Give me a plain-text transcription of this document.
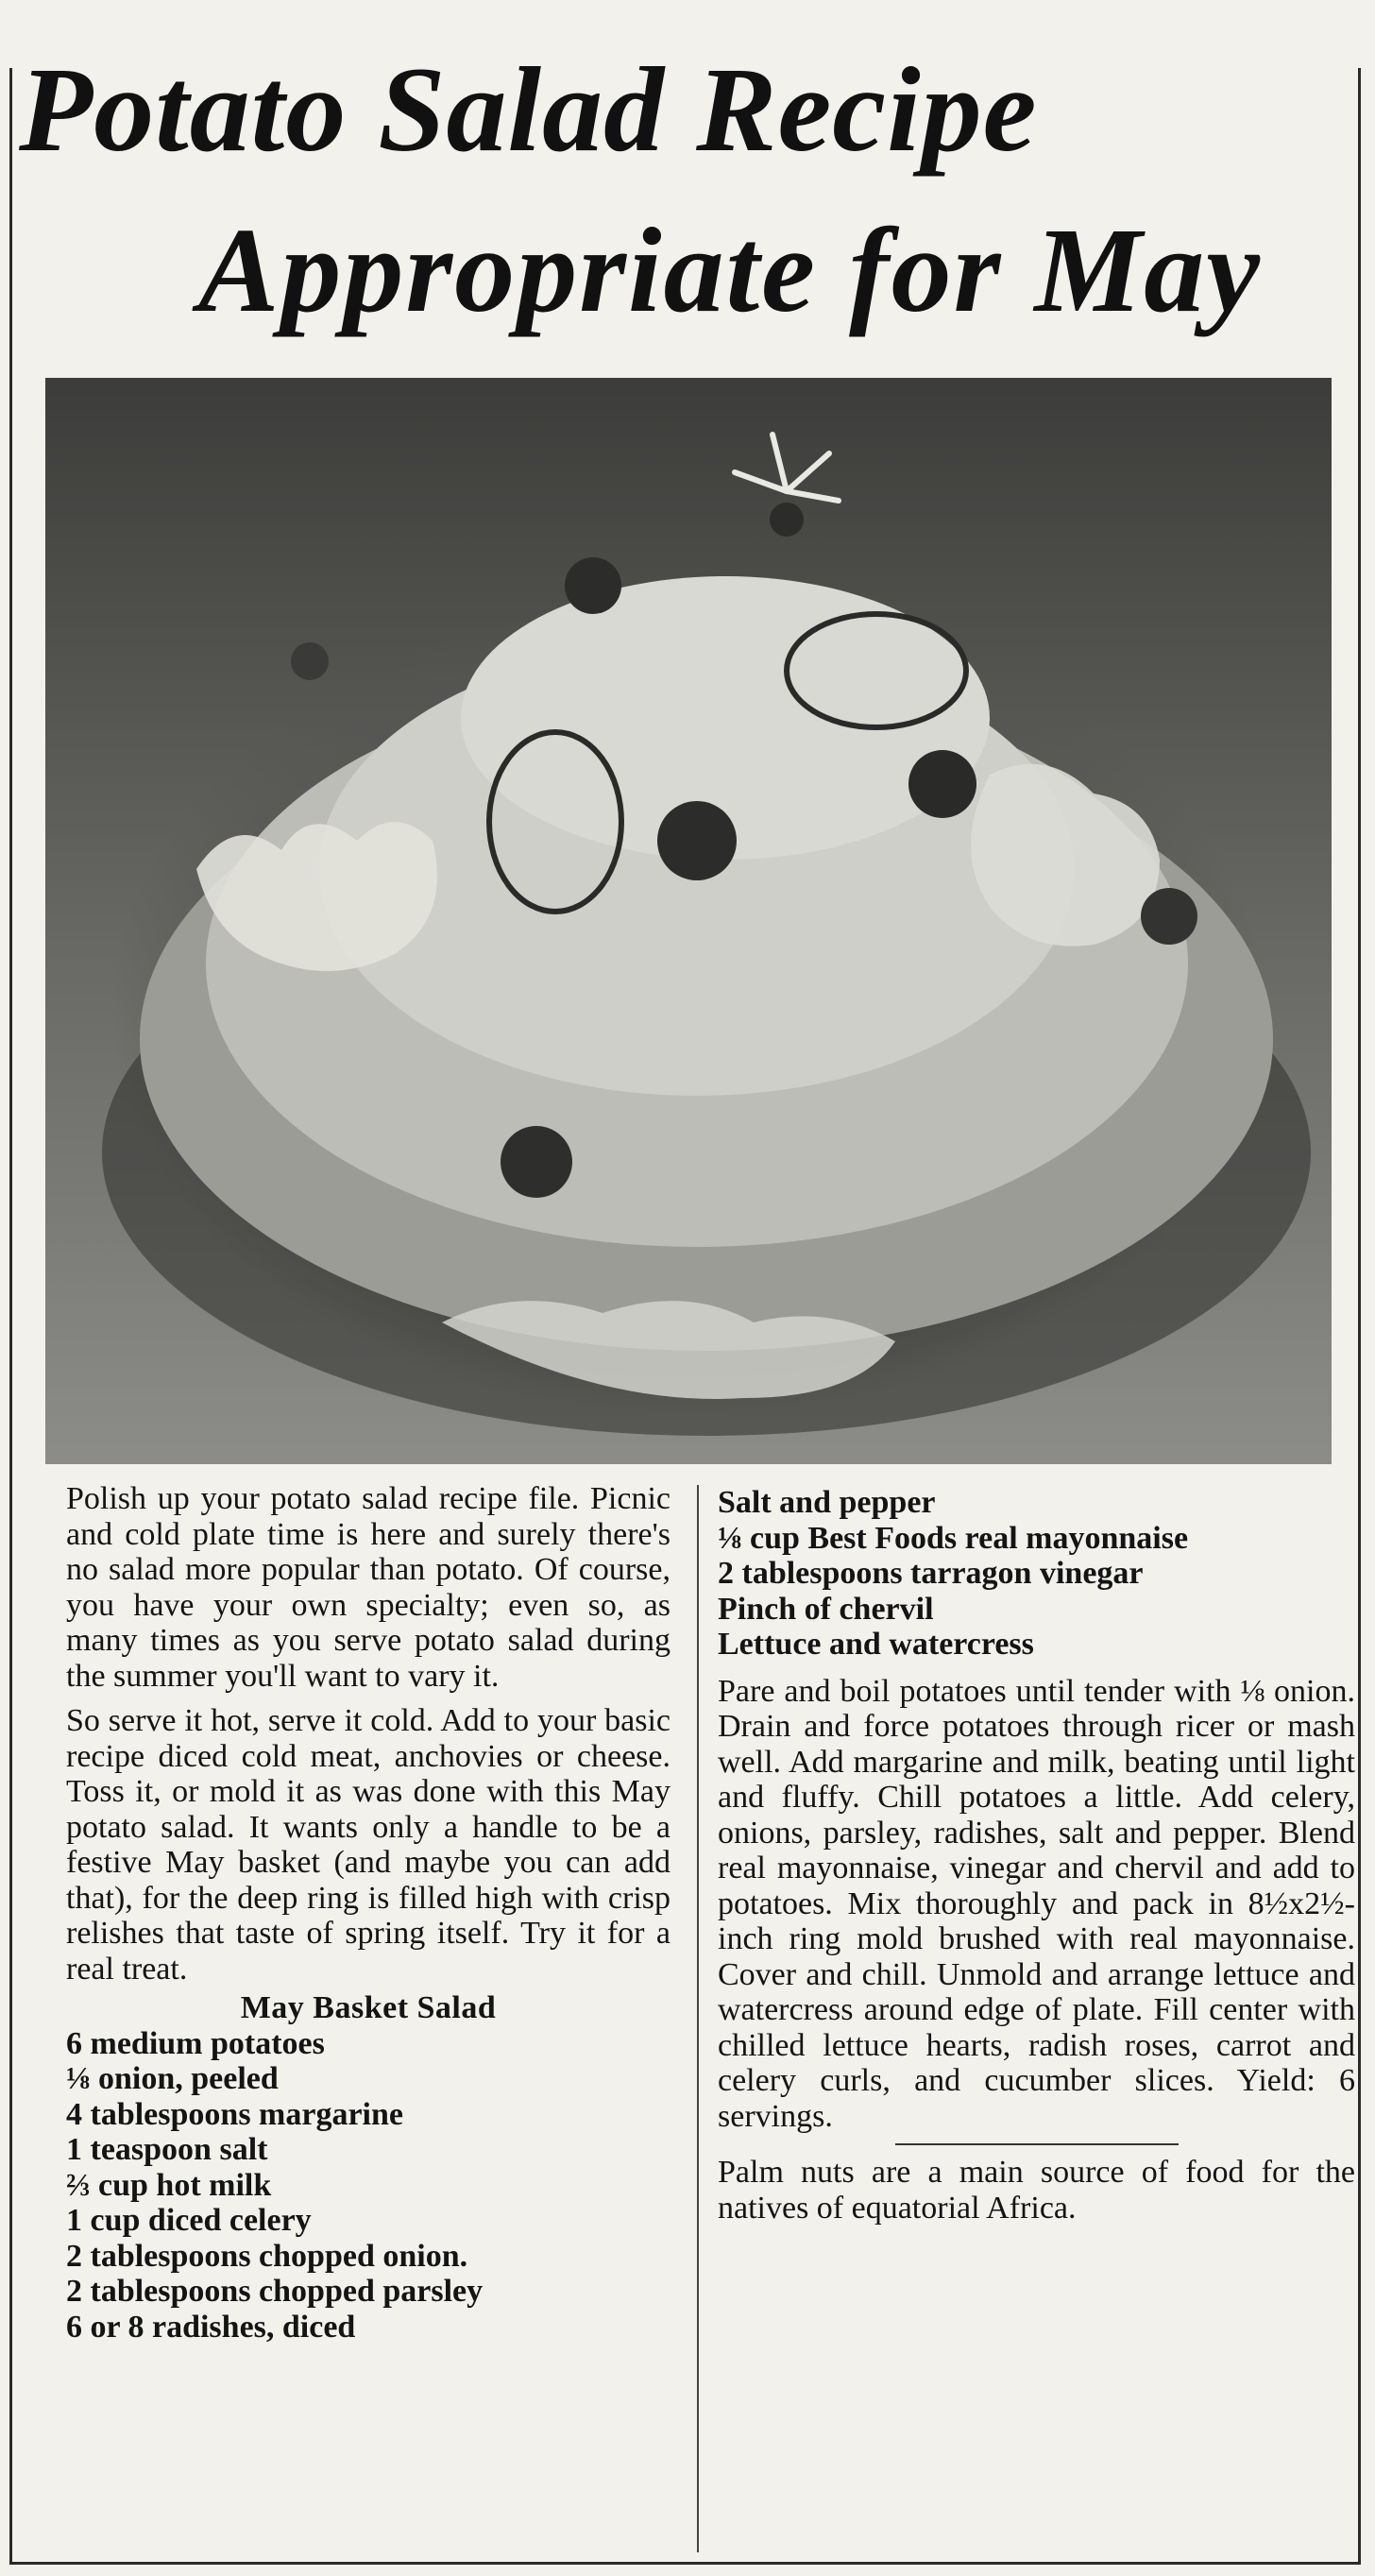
Potato Salad Recipe
Appropriate for May

Polish up your potato salad recipe file. Picnic and cold plate time is here and surely there's no salad more popular than potato. Of course, you have your own specialty; even so, as many times as you serve potato salad during the summer you'll want to vary it.

So serve it hot, serve it cold. Add to your basic recipe diced cold meat, anchovies or cheese. Toss it, or mold it as was done with this May potato salad. It wants only a handle to be a festive May basket (and maybe you can add that), for the deep ring is filled high with crisp relishes that taste of spring itself. Try it for a real treat.

May Basket Salad

6 medium potatoes

⅛ onion, peeled

4 tablespoons margarine

1 teaspoon salt

⅔ cup hot milk

1 cup diced celery

2 tablespoons chopped onion.

2 tablespoons chopped parsley

6 or 8 radishes, diced

Salt and pepper

⅛ cup Best Foods real mayonnaise

2 tablespoons tarragon vinegar

Pinch of chervil

Lettuce and watercress

Pare and boil potatoes until tender with ⅛ onion. Drain and force potatoes through ricer or mash well. Add margarine and milk, beating until light and fluffy. Chill potatoes a little. Add celery, onions, parsley, radishes, salt and pepper. Blend real mayonnaise, vinegar and chervil and add to potatoes. Mix thoroughly and pack in 8½x2½-inch ring mold brushed with real mayonnaise. Cover and chill. Unmold and arrange lettuce and watercress around edge of plate. Fill center with chilled lettuce hearts, radish roses, carrot and celery curls, and cucumber slices. Yield: 6 servings.

Palm nuts are a main source of food for the natives of equatorial Africa.
